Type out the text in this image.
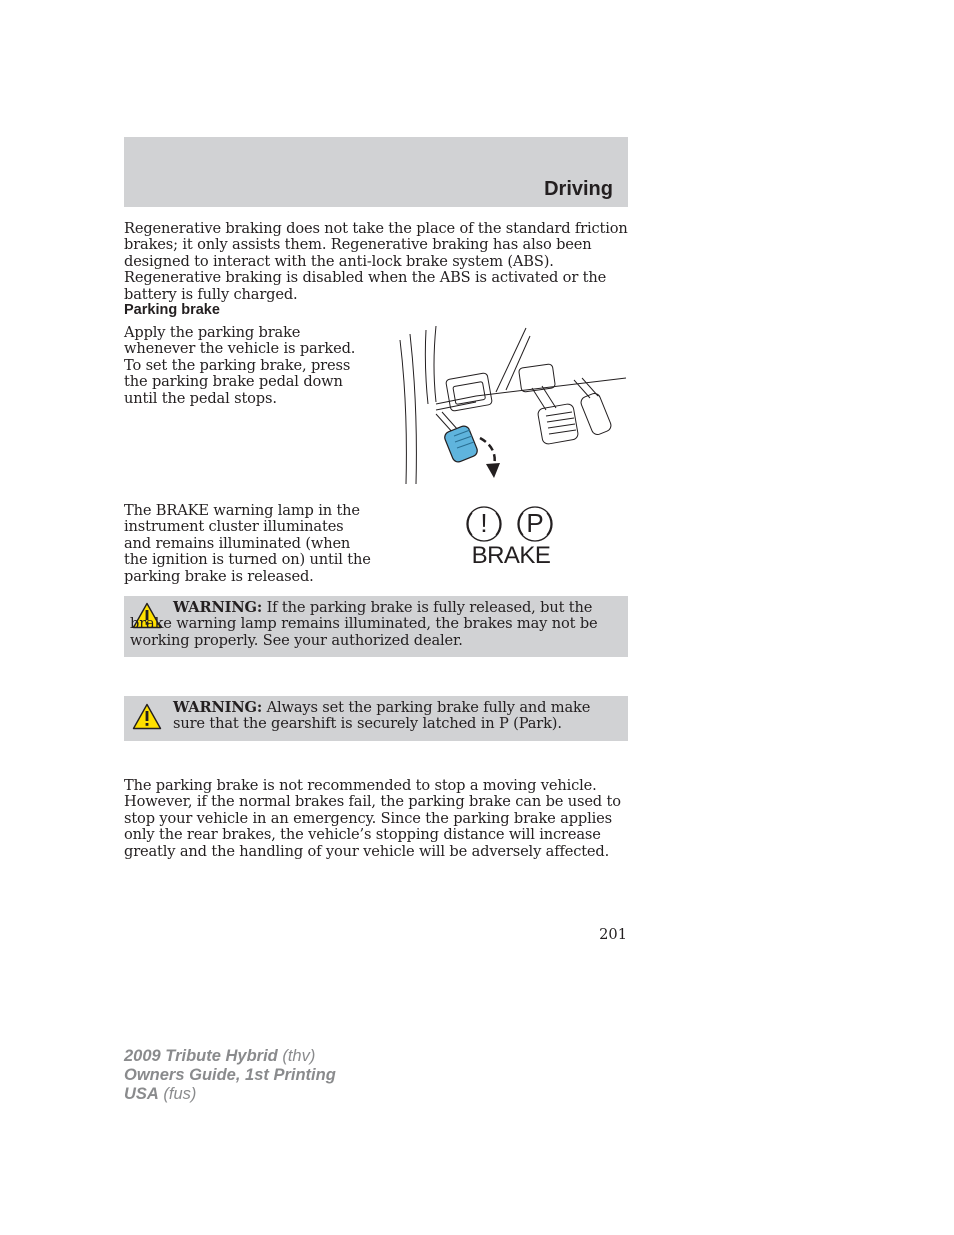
Driving

Regenerative braking does not take the place of the standard friction brakes; it only assists them. Regenerative braking has also been designed to interact with the anti-lock brake system (ABS). Regenerative braking is disabled when the ABS is activated or the battery is fully charged.

Parking brake

Apply the parking brake whenever the vehicle is parked. To set the parking brake, press the parking brake pedal down until the pedal stops.

The BRAKE warning lamp in the instrument cluster illuminates and remains illuminated (when the ignition is turned on) until the parking brake is released.

! P
BRAKE

WARNING: If the parking brake is fully released, but the brake warning lamp remains illuminated, the brakes may not be working properly. See your authorized dealer.

WARNING: Always set the parking brake fully and make sure that the gearshift is securely latched in P (Park).

The parking brake is not recommended to stop a moving vehicle. However, if the normal brakes fail, the parking brake can be used to stop your vehicle in an emergency. Since the parking brake applies only the rear brakes, the vehicle’s stopping distance will increase greatly and the handling of your vehicle will be adversely affected.

201
2009 Tribute Hybrid (thv)
Owners Guide, 1st Printing
USA (fus)
